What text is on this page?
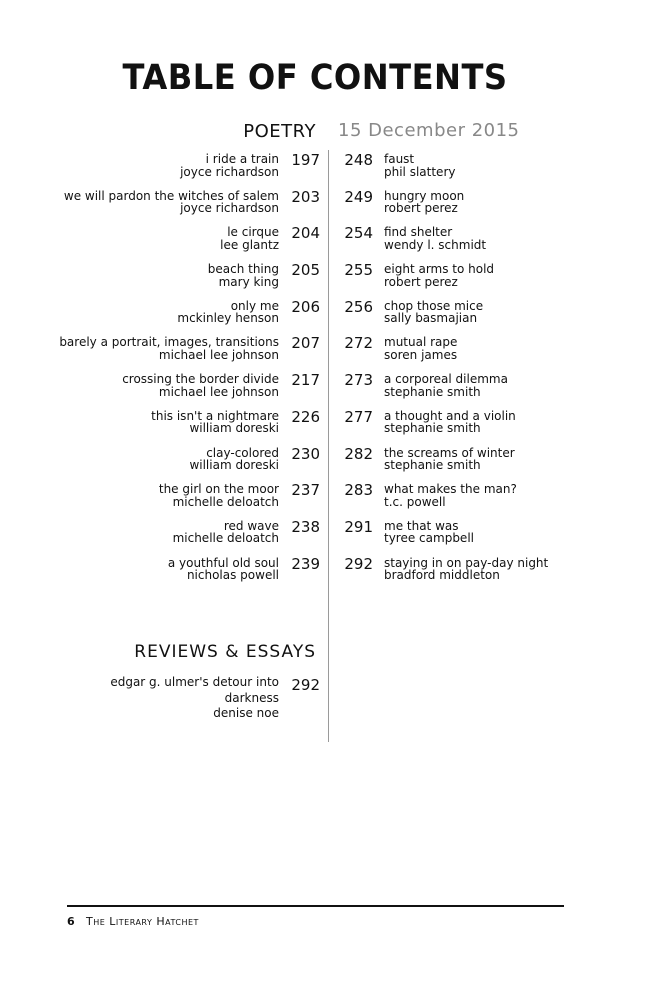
TABLE OF CONTENTS
POETRY 15 December 2015
i ride a train
joyce richardson
197
we will pardon the witches of salem
joyce richardson
203
le cirque
lee glantz
204
beach thing
mary king
205
only me
mckinley henson
206
barely a portrait, images, transitions
michael lee johnson
207
crossing the border divide
michael lee johnson
217
this isn't a nightmare
william doreski
226
clay-colored
william doreski
230
the girl on the moor
michelle deloatch
237
red wave
michelle deloatch
238
a youthful old soul
nicholas powell
239
faust
phil slattery
248
hungry moon
robert perez
249
find shelter
wendy l. schmidt
254
eight arms to hold
robert perez
255
chop those mice
sally basmajian
256
mutual rape
soren james
272
a corporeal dilemma
stephanie smith
273
a thought and a violin
stephanie smith
277
the screams of winter
stephanie smith
282
what makes the man?
t.c. powell
283
me that was
tyree campbell
291
staying in on pay-day night
bradford middleton
292
REVIEWS & ESSAYS
edgar g. ulmer's detour into
darkness
denise noe
292
6 The Literary Hatchet
